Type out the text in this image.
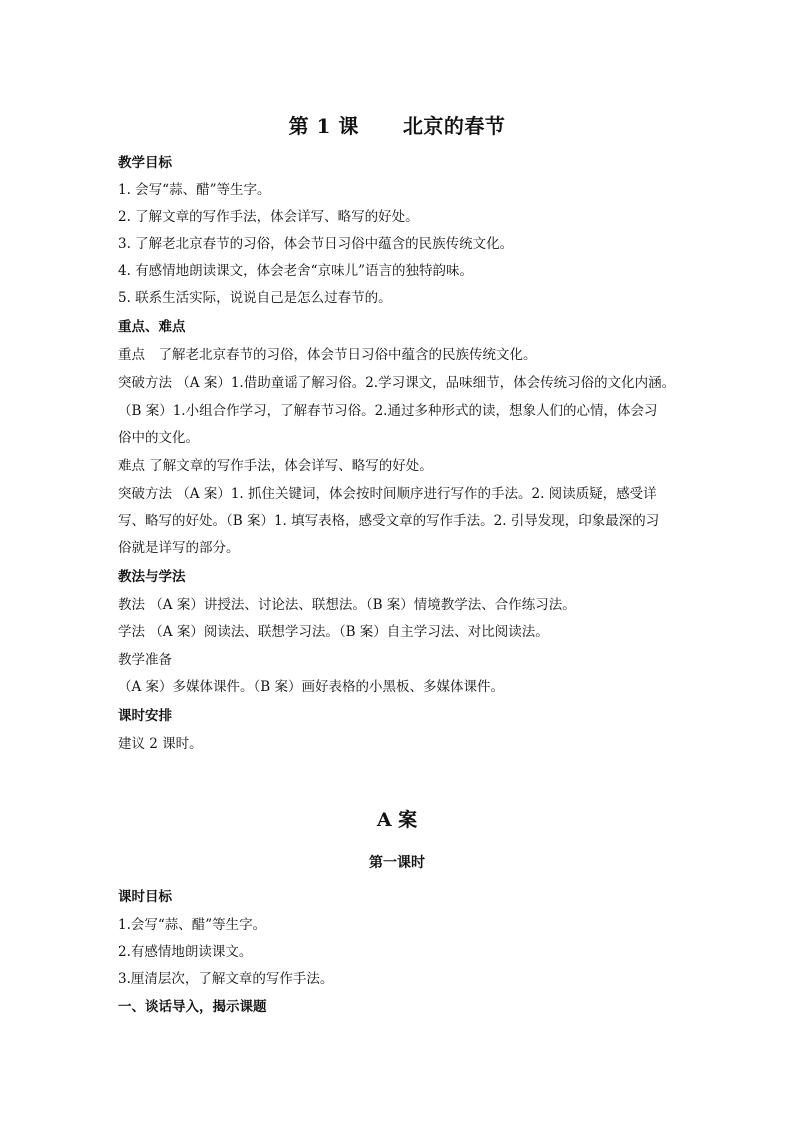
第 1 课 北京的春节
教学目标
1. 会写“蒜、醋”等生字。
2. 了解文章的写作手法，体会详写、略写的好处。
3. 了解老北京春节的习俗，体会节日习俗中蕴含的民族传统文化。
4. 有感情地朗读课文，体会老舍“京味儿”语言的独特韵味。
5. 联系生活实际，说说自己是怎么过春节的。
重点、难点
重点　了解老北京春节的习俗，体会节日习俗中蕴含的民族传统文化。
突破方法 （A 案）1.借助童谣了解习俗。2.学习课文，品味细节，体会传统习俗的文化内涵。
（B 案）1.小组合作学习，了解春节习俗。2.通过多种形式的读，想象人们的心情，体会习
俗中的文化。
难点 了解文章的写作手法，体会详写、略写的好处。
突破方法 （A 案）1. 抓住关键词，体会按时间顺序进行写作的手法。2. 阅读质疑，感受详
写、略写的好处。（B 案）1. 填写表格，感受文章的写作手法。2. 引导发现，印象最深的习
俗就是详写的部分。
教法与学法
教法 （A 案）讲授法、讨论法、联想法。（B 案）情境教学法、合作练习法。
学法 （A 案）阅读法、联想学习法。（B 案）自主学习法、对比阅读法。
教学准备
（A 案）多媒体课件。（B 案）画好表格的小黑板、多媒体课件。
课时安排
建议 2 课时。
A 案
第一课时
课时目标
1.会写“蒜、醋”等生字。
2.有感情地朗读课文。
3.厘清层次，了解文章的写作手法。
一、谈话导入，揭示课题
